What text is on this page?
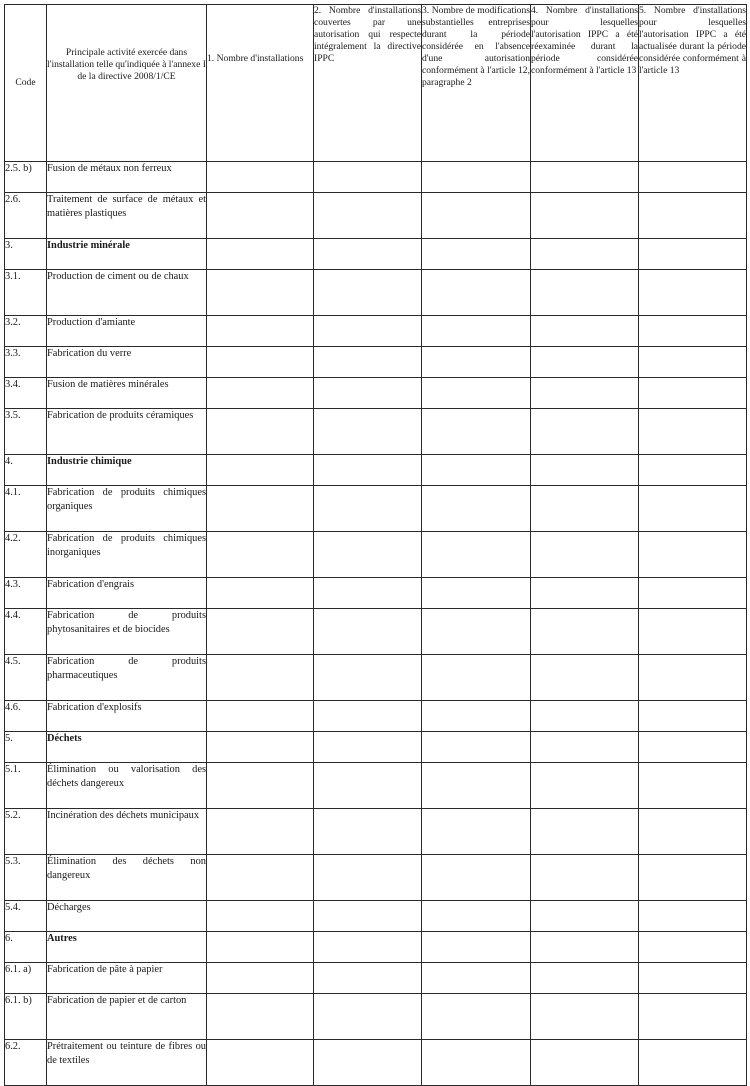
Code	Principale activité exercée dans l'installation telle qu'indiquée à l'annexe I de la directive 2008/1/CE	1. Nombre d'installations	2. Nombre d'installations couvertes par une autorisation qui respecte intégralement la directive IPPC	3. Nombre de modifications substantielles entreprises durant la période considérée en l'absence d'une autorisation conformément à l'article 12, paragraphe 2	4. Nombre d'installations pour lesquelles l'autorisation IPPC a été réexaminée durant la période considérée conformément à l'article 13	5. Nombre d'installations pour lesquelles l'autorisation IPPC a été actualisée durant la période considérée conformément à l'article 13
2.5. b)	Fusion de métaux non ferreux					
2.6.	Traitement de surface de métaux et matières plastiques					
3.	Industrie minérale					
3.1.	Production de ciment ou de chaux					
3.2.	Production d'amiante					
3.3.	Fabrication du verre					
3.4.	Fusion de matières minérales					
3.5.	Fabrication de produits céramiques					
4.	Industrie chimique					
4.1.	Fabrication de produits chimiques organiques					
4.2.	Fabrication de produits chimiques inorganiques					
4.3.	Fabrication d'engrais					
4.4.	Fabrication de produits phytosanitaires et de biocides					
4.5.	Fabrication de produits pharmaceutiques					
4.6.	Fabrication d'explosifs					
5.	Déchets					
5.1.	Élimination ou valorisation des déchets dangereux					
5.2.	Incinération des déchets municipaux					
5.3.	Élimination des déchets non dangereux					
5.4.	Décharges					
6.	Autres					
6.1. a)	Fabrication de pâte à papier					
6.1. b)	Fabrication de papier et de carton					
6.2.	Prétraitement ou teinture de fibres ou de textiles					
